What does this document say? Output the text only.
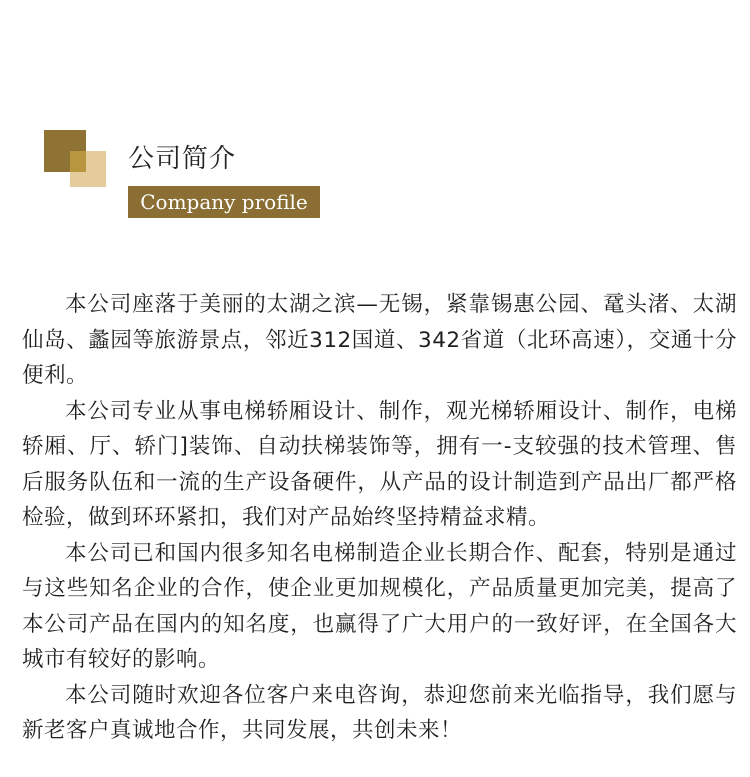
公司简介
Company profile

本公司座落于美丽的太湖之滨—无锡，紧靠锡惠公园、鼋头渚、太湖仙岛、蠡园等旅游景点，邻近312国道、342省道（北环高速），交通十分便利。

本公司专业从事电梯轿厢设计、制作，观光梯轿厢设计、制作，电梯轿厢、厅、轿门]装饰、自动扶梯装饰等，拥有一-支较强的技术管理、售后服务队伍和一流的生产设备硬件，从产品的设计制造到产品出厂都严格检验，做到环环紧扣，我们对产品始终坚持精益求精。

本公司已和国内很多知名电梯制造企业长期合作、配套，特别是通过与这些知名企业的合作，使企业更加规模化，产品质量更加完美，提高了本公司产品在国内的知名度，也赢得了广大用户的一致好评，在全国各大城市有较好的影响。

本公司随时欢迎各位客户来电咨询，恭迎您前来光临指导，我们愿与新老客户真诚地合作，共同发展，共创未来！
